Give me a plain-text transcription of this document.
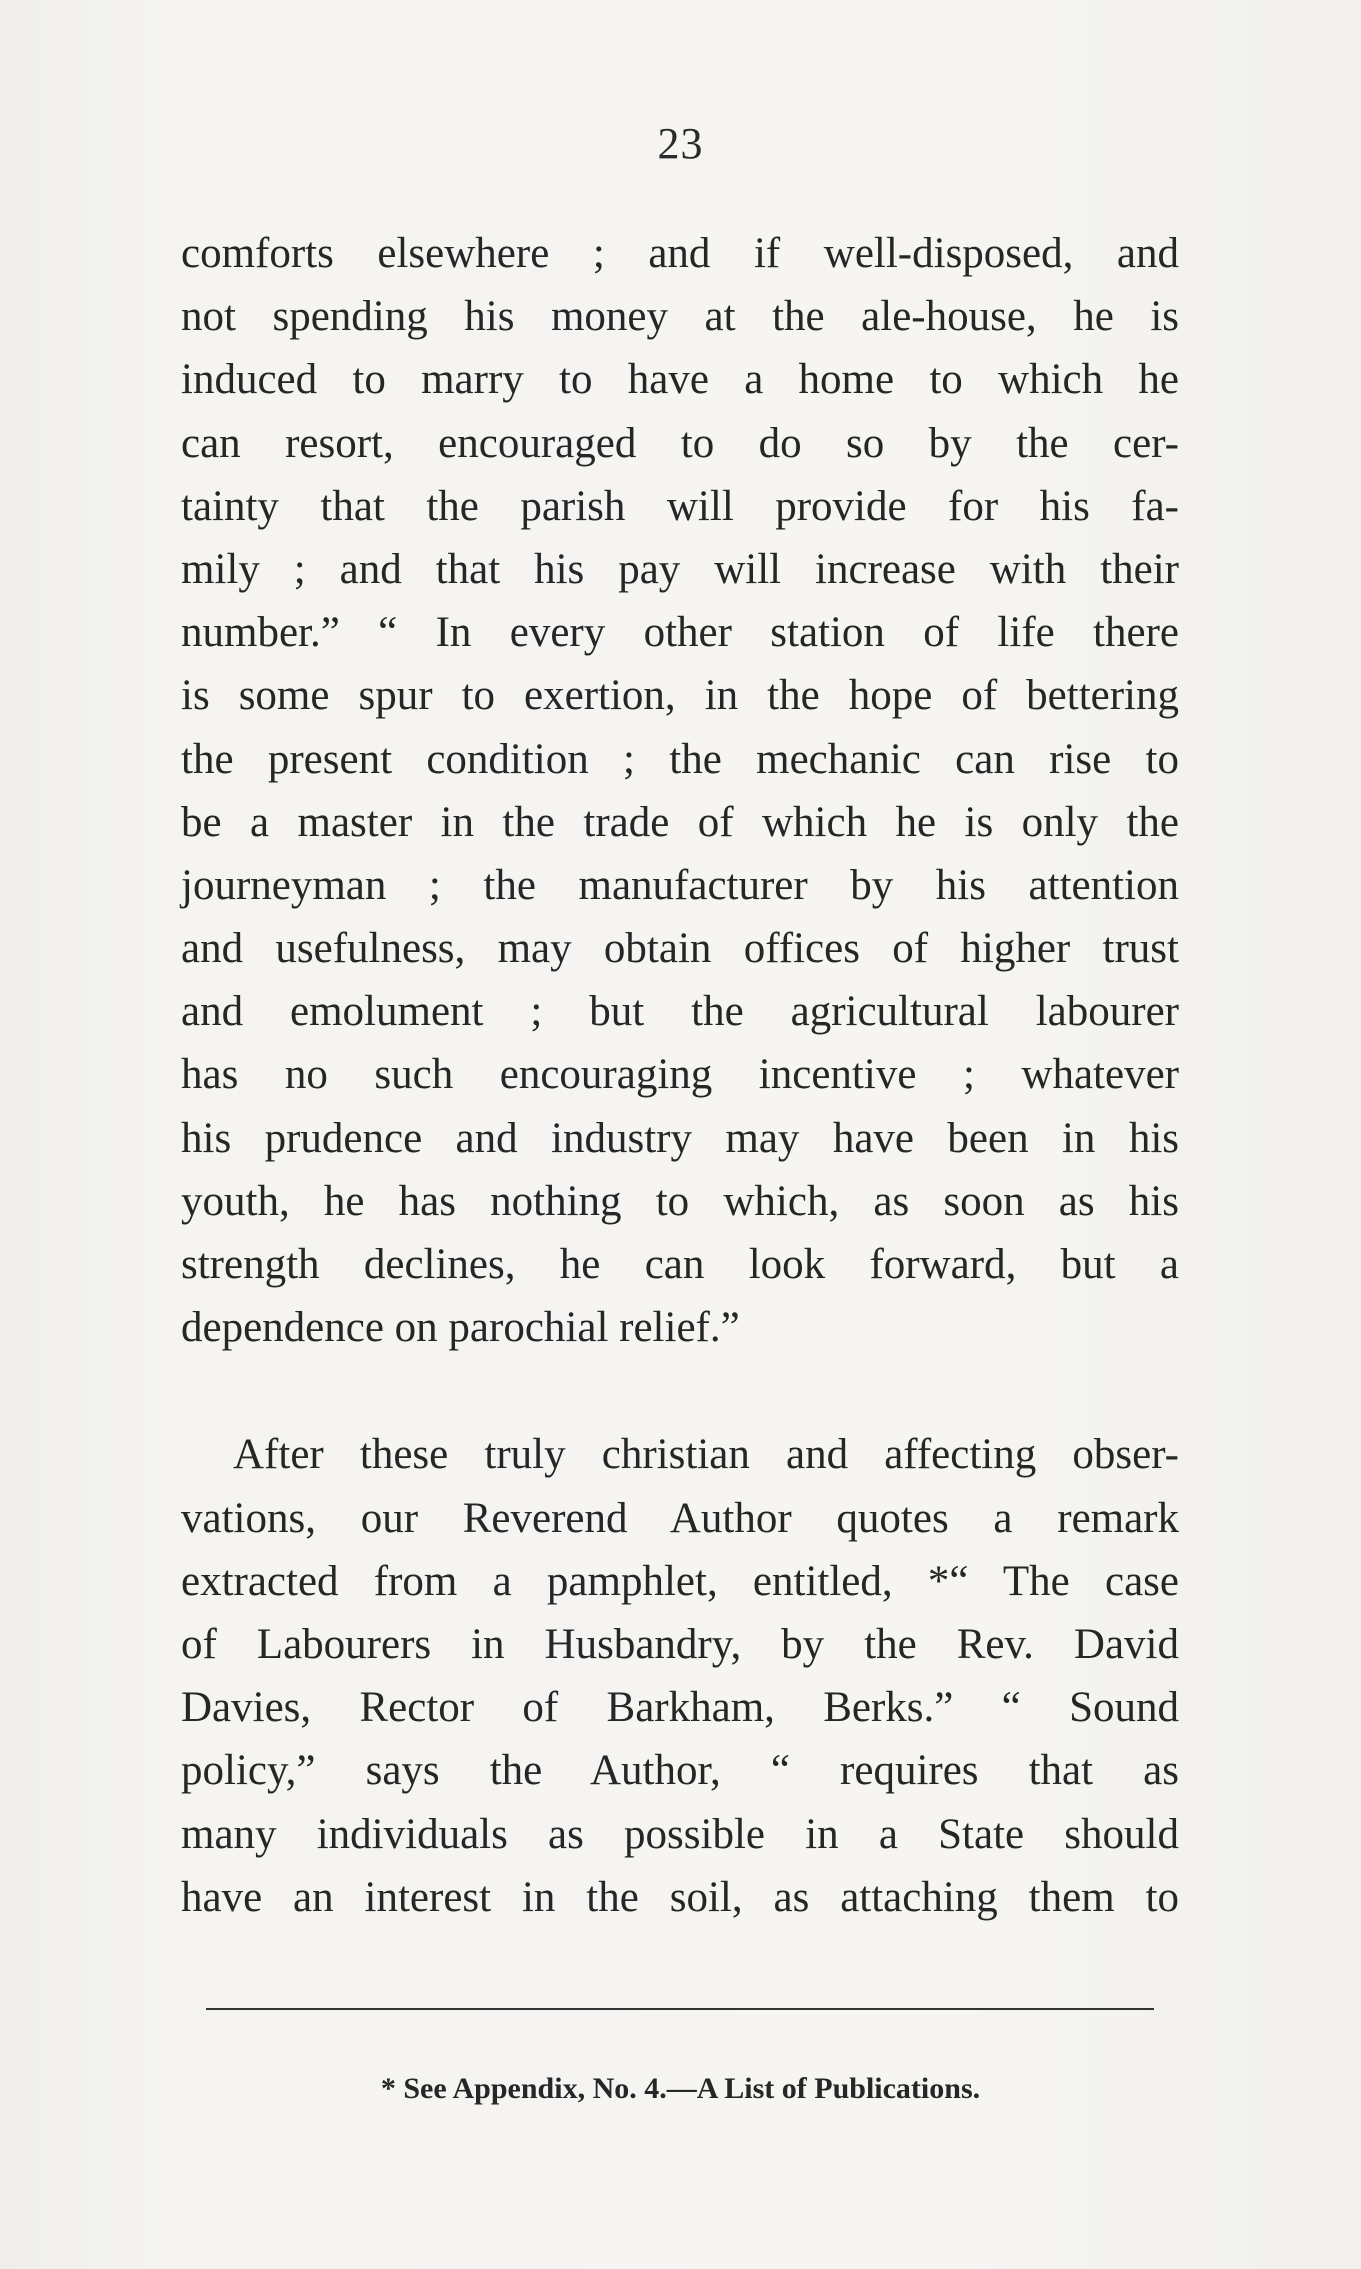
23
comforts elsewhere ; and if well-disposed, and
not spending his money at the ale-house, he is
induced to marry to have a home to which he
can resort, encouraged to do so by the cer-
tainty that the parish will provide for his fa-
mily ; and that his pay will increase with their
number.” “ In every other station of life there
is some spur to exertion, in the hope of bettering
the present condition ; the mechanic can rise to
be a master in the trade of which he is only the
journeyman ; the manufacturer by his attention
and usefulness, may obtain offices of higher trust
and emolument ; but the agricultural labourer
has no such encouraging incentive ; whatever
his prudence and industry may have been in his
youth, he has nothing to which, as soon as his
strength declines, he can look forward, but a
dependence on parochial relief.”
After these truly christian and affecting obser-
vations, our Reverend Author quotes a remark
extracted from a pamphlet, entitled, *“ The case
of Labourers in Husbandry, by the Rev. David
Davies, Rector of Barkham, Berks.” “ Sound
policy,” says the Author, “ requires that as
many individuals as possible in a State should
have an interest in the soil, as attaching them to
* See Appendix, No. 4.—A List of Publications.
